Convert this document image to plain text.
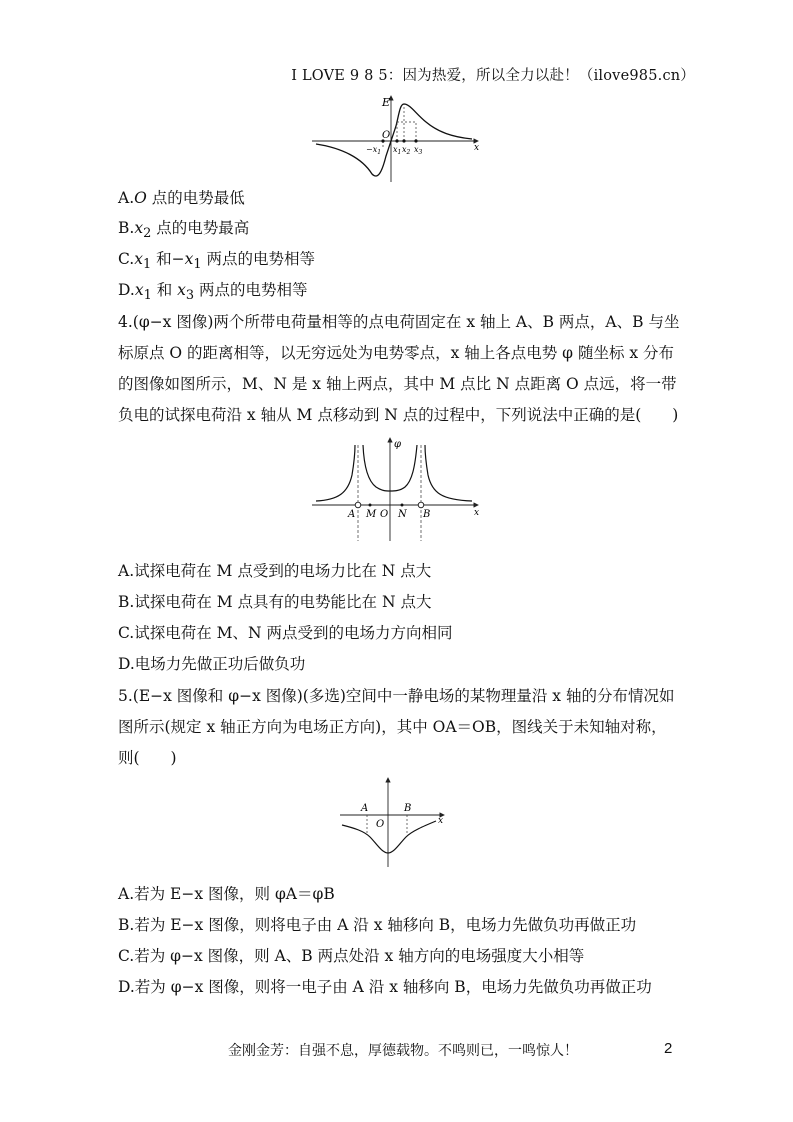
I LOVE 9 8 5：因为热爱，所以全力以赴！（ilove985.cn）
E
O
x
$-x_1$ $x_1$ $x_2$ $x_3$
A.O 点的电势最低
$B.x_2$ 点的电势最高
$C.x_1$ 和$-x_1$ 两点的电势相等
$D.x_1$ 和 $x_3$ 两点的电势相等
4.(φ−x 图像)两个所带电荷量相等的点电荷固定在 x 轴上 A、B 两点，A、B 与坐
标原点 O 的距离相等，以无穷远处为电势零点，x 轴上各点电势 φ 随坐标 x 分布
的图像如图所示，M、N 是 x 轴上两点，其中 M 点比 N 点距离 O 点远，将一带
负电的试探电荷沿 x 轴从 M 点移动到 N 点的过程中，下列说法中正确的是(　　)
φ
A M O N B	x
A.试探电荷在 M 点受到的电场力比在 N 点大
B.试探电荷在 M 点具有的电势能比在 N 点大
C.试探电荷在 M、N 两点受到的电场力方向相同
D.电场力先做正功后做负功
5.(E−x 图像和 φ−x 图像)(多选)空间中一静电场的某物理量沿 x 轴的分布情况如
图所示(规定 x 轴正方向为电场正方向)，其中 OA＝OB，图线关于未知轴对称，
则(　　)
A	B
O	x
A.若为 E−x 图像，则 φA＝φB
B.若为 E−x 图像，则将电子由 A 沿 x 轴移向 B，电场力先做负功再做正功
C.若为 φ−x 图像，则 A、B 两点处沿 x 轴方向的电场强度大小相等
D.若为 φ−x 图像，则将一电子由 A 沿 x 轴移向 B，电场力先做负功再做正功
金刚金芳：自强不息，厚德载物。不鸣则已，一鸣惊人！	2
